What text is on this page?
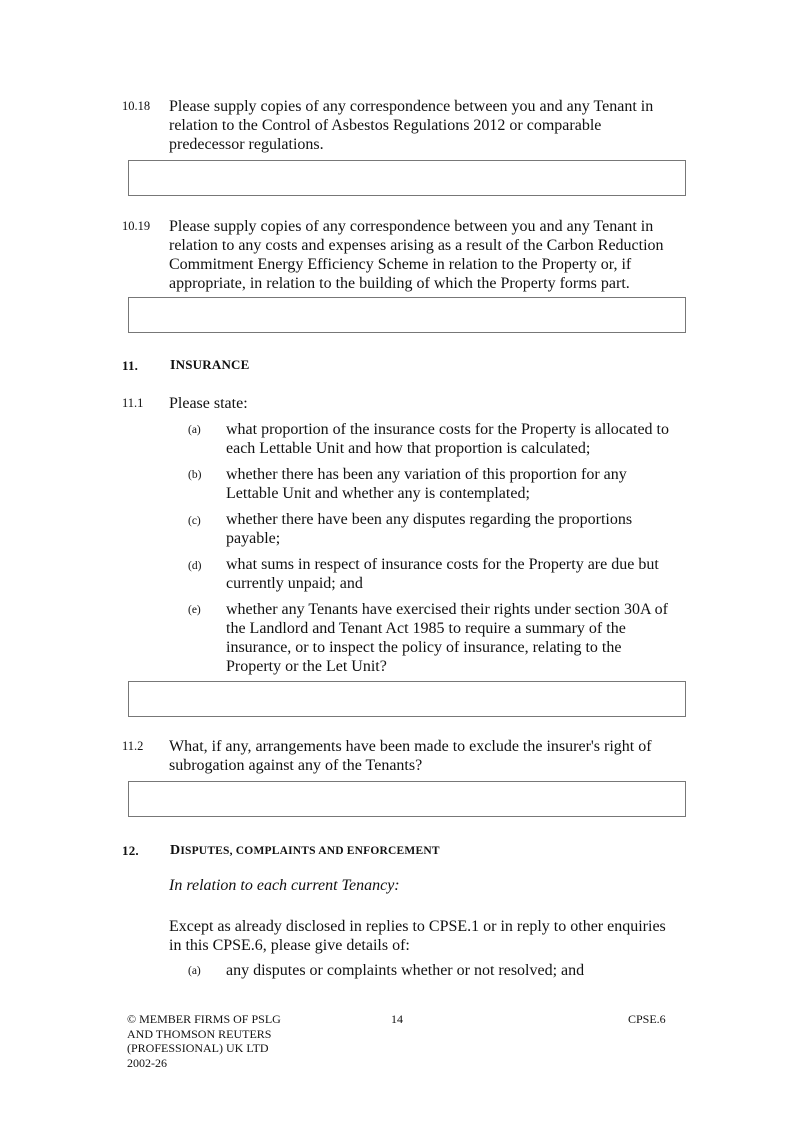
10.18 Please supply copies of any correspondence between you and any Tenant in
relation to the Control of Asbestos Regulations 2012 or comparable
predecessor regulations.
10.19 Please supply copies of any correspondence between you and any Tenant in
relation to any costs and expenses arising as a result of the Carbon Reduction
Commitment Energy Efficiency Scheme in relation to the Property or, if
appropriate, in relation to the building of which the Property forms part.
11. INSURANCE
11.1 Please state:
(a) what proportion of the insurance costs for the Property is allocated to
each Lettable Unit and how that proportion is calculated;
(b) whether there has been any variation of this proportion for any
Lettable Unit and whether any is contemplated;
(c) whether there have been any disputes regarding the proportions
payable;
(d) what sums in respect of insurance costs for the Property are due but
currently unpaid; and
(e) whether any Tenants have exercised their rights under section 30A of
the Landlord and Tenant Act 1985 to require a summary of the
insurance, or to inspect the policy of insurance, relating to the
Property or the Let Unit?
11.2 What, if any, arrangements have been made to exclude the insurer's right of
subrogation against any of the Tenants?
12. DISPUTES, COMPLAINTS AND ENFORCEMENT
In relation to each current Tenancy:
Except as already disclosed in replies to CPSE.1 or in reply to other enquiries
in this CPSE.6, please give details of:
(a) any disputes or complaints whether or not resolved; and
© MEMBER FIRMS OF PSLG
AND THOMSON REUTERS
(PROFESSIONAL) UK LTD
2002-26
14	CPSE.6
